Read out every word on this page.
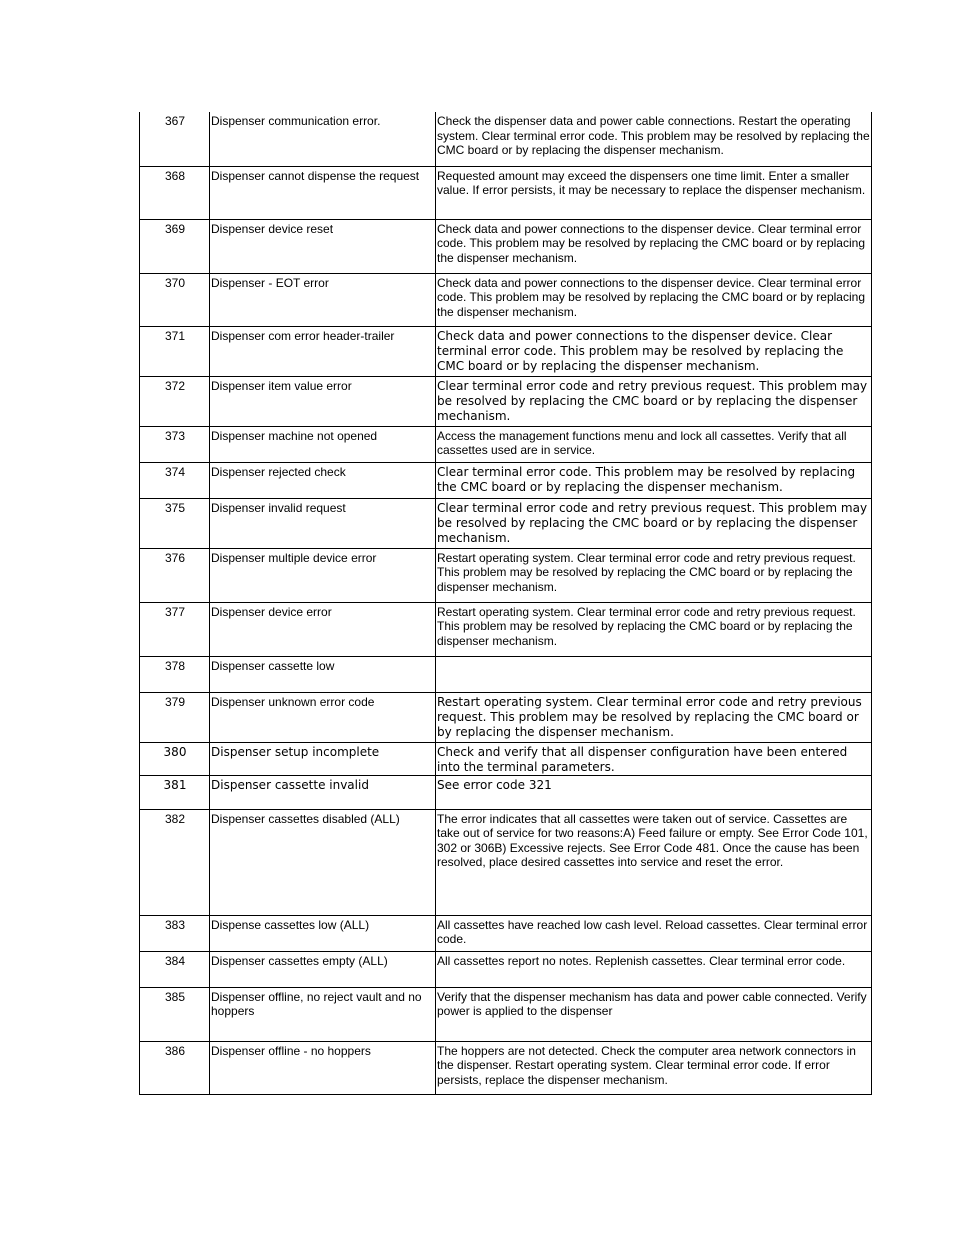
367	Dispenser communication error.	Check the dispenser data and power cable connections. Restart the operating system. Clear terminal error code. This problem may be resolved by replacing the CMC board or by replacing the dispenser mechanism.
368	Dispenser cannot dispense the request	Requested amount may exceed the dispensers one time limit. Enter a smaller value. If error persists, it may be necessary to replace the dispenser mechanism.
369	Dispenser device reset	Check data and power connections to the dispenser device. Clear terminal error code. This problem may be resolved by replacing the CMC board or by replacing the dispenser mechanism.
370	Dispenser - EOT error	Check data and power connections to the dispenser device. Clear terminal error code. This problem may be resolved by replacing the CMC board or by replacing the dispenser mechanism.
371	Dispenser com error header-trailer	Check data and power connections to the dispenser device. Clear terminal error code. This problem may be resolved by replacing the CMC board or by replacing the dispenser mechanism.
372	Dispenser item value error	Clear terminal error code and retry previous request. This problem may be resolved by replacing the CMC board or by replacing the dispenser mechanism.
373	Dispenser machine not opened	Access the management functions menu and lock all cassettes. Verify that all cassettes used are in service.
374	Dispenser rejected check	Clear terminal error code. This problem may be resolved by replacing the CMC board or by replacing the dispenser mechanism.
375	Dispenser invalid request	Clear terminal error code and retry previous request. This problem may be resolved by replacing the CMC board or by replacing the dispenser mechanism.
376	Dispenser multiple device error	Restart operating system. Clear terminal error code and retry previous request. This problem may be resolved by replacing the CMC board or by replacing the dispenser mechanism.
377	Dispenser device error	Restart operating system. Clear terminal error code and retry previous request. This problem may be resolved by replacing the CMC board or by replacing the dispenser mechanism.
378	Dispenser cassette low	
379	Dispenser unknown error code	Restart operating system. Clear terminal error code and retry previous request. This problem may be resolved by replacing the CMC board or by replacing the dispenser mechanism.
380	Dispenser setup incomplete	Check and verify that all dispenser configuration have been entered into the terminal parameters.
381	Dispenser cassette invalid	See error code 321
382	Dispenser cassettes disabled (ALL)	The error indicates that all cassettes were taken out of service. Cassettes are take out of service for two reasons:A) Feed failure or empty. See Error Code 101, 302 or 306B) Excessive rejects. See Error Code 481. Once the cause has been resolved, place desired cassettes into service and reset the error.
383	Dispense cassettes low (ALL)	All cassettes have reached low cash level. Reload cassettes. Clear terminal error code.
384	Dispenser cassettes empty (ALL)	All cassettes report no notes. Replenish cassettes. Clear terminal error code.
385	Dispenser offline, no reject vault and no hoppers	Verify that the dispenser mechanism has data and power cable connected. Verify power is applied to the dispenser
386	Dispenser offline - no hoppers	The hoppers are not detected. Check the computer area network connectors in the dispenser. Restart operating system. Clear terminal error code. If error persists, replace the dispenser mechanism.
